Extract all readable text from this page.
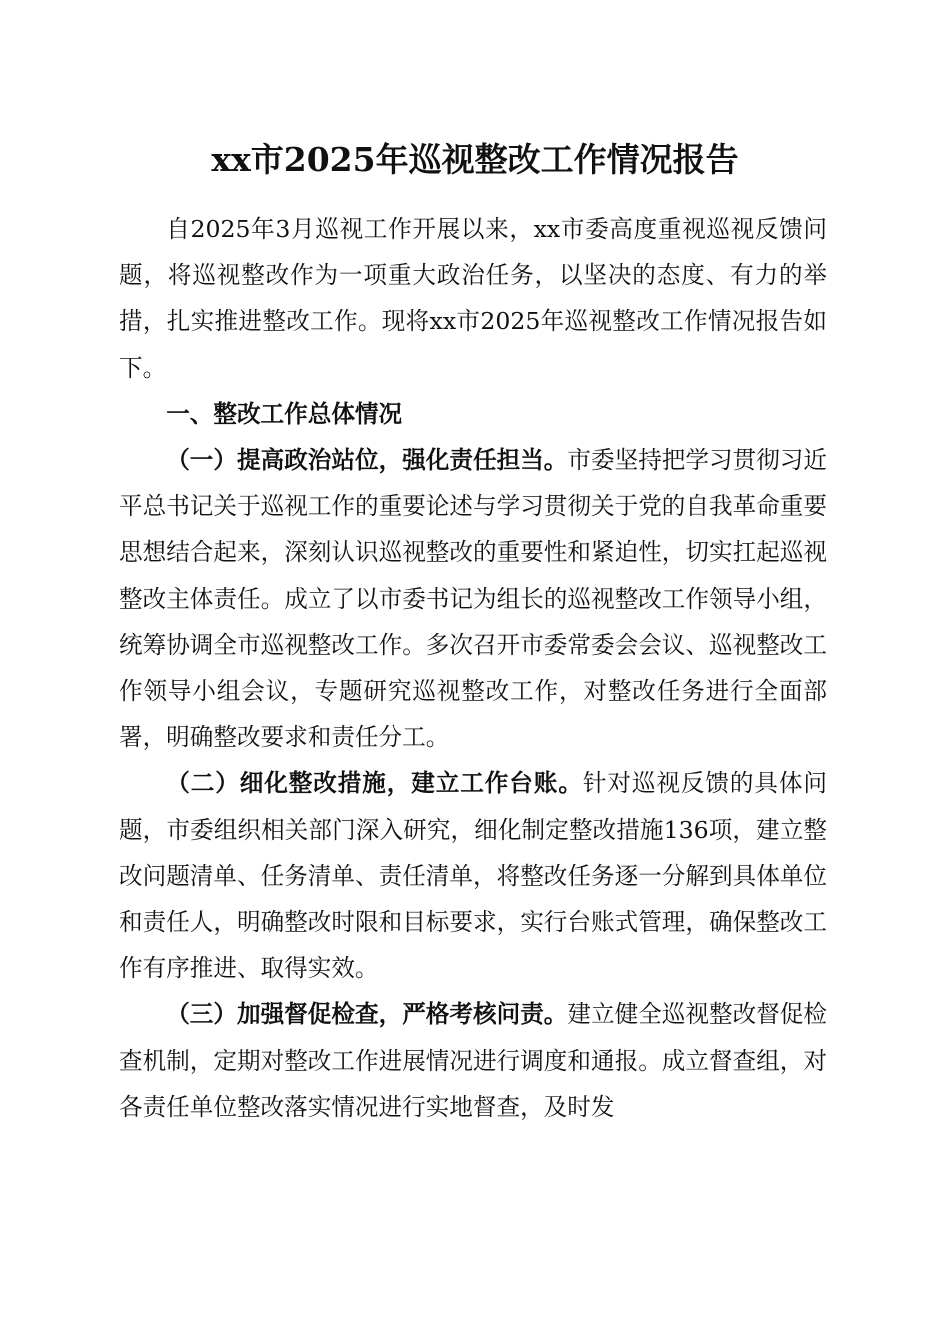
xx市2025年巡视整改工作情况报告

自2025年3月巡视工作开展以来，xx市委高度重视巡视反馈问题，将巡视整改作为一项重大政治任务，以坚决的态度、有力的举措，扎实推进整改工作。现将xx市2025年巡视整改工作情况报告如下。

一、整改工作总体情况

（一）提高政治站位，强化责任担当。市委坚持把学习贯彻习近平总书记关于巡视工作的重要论述与学习贯彻关于党的自我革命重要思想结合起来，深刻认识巡视整改的重要性和紧迫性，切实扛起巡视整改主体责任。成立了以市委书记为组长的巡视整改工作领导小组，统筹协调全市巡视整改工作。多次召开市委常委会会议、巡视整改工作领导小组会议，专题研究巡视整改工作，对整改任务进行全面部署，明确整改要求和责任分工。

（二）细化整改措施，建立工作台账。针对巡视反馈的具体问题，市委组织相关部门深入研究，细化制定整改措施136项，建立整改问题清单、任务清单、责任清单，将整改任务逐一分解到具体单位和责任人，明确整改时限和目标要求，实行台账式管理，确保整改工作有序推进、取得实效。

（三）加强督促检查，严格考核问责。建立健全巡视整改督促检查机制，定期对整改工作进展情况进行调度和通报。成立督查组，对各责任单位整改落实情况进行实地督查，及时发
